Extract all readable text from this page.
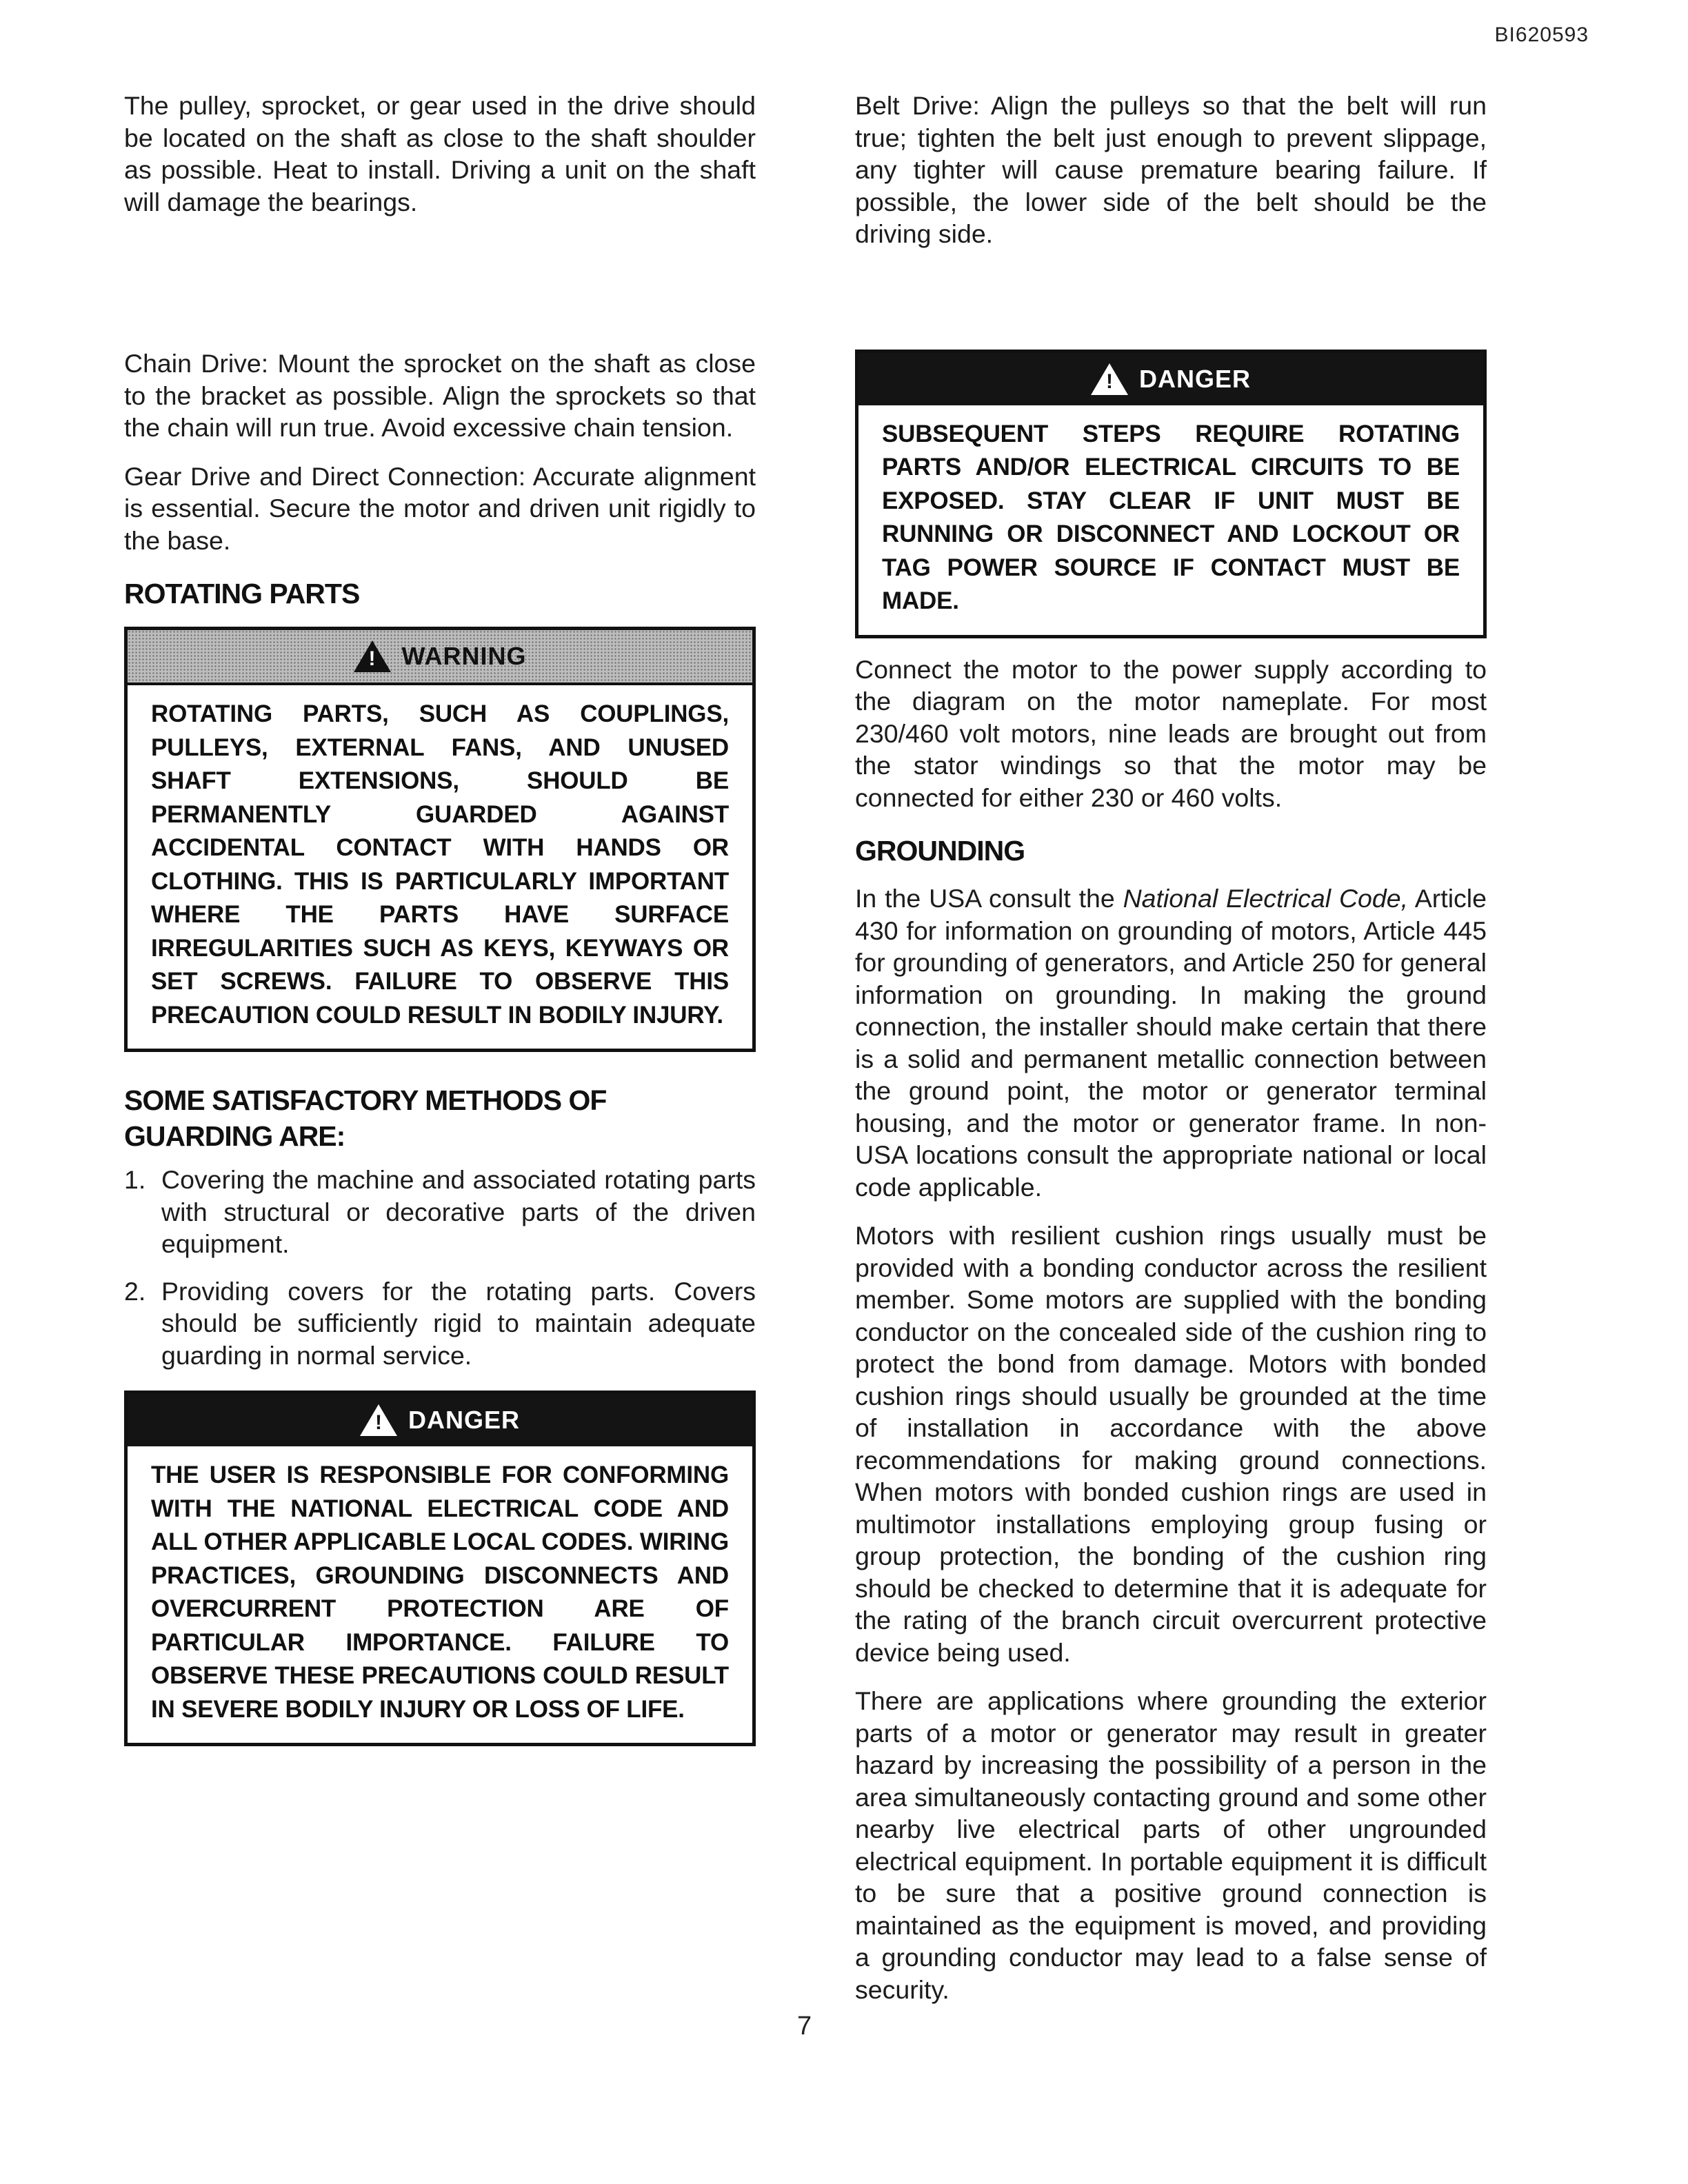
BI620593

The pulley, sprocket, or gear used in the drive should be located on the shaft as close to the shaft shoulder as possible. Heat to install. Driving a unit on the shaft will damage the bearings.

Chain Drive: Mount the sprocket on the shaft as close to the bracket as possible. Align the sprockets so that the chain will run true. Avoid excessive chain tension.

Gear Drive and Direct Connection: Accurate alignment is essential. Secure the motor and driven unit rigidly to the base.

ROTATING PARTS
! WARNING
ROTATING PARTS, SUCH AS COUPLINGS, PULLEYS, EXTERNAL FANS, AND UNUSED SHAFT EXTENSIONS, SHOULD BE PERMANENTLY GUARDED AGAINST ACCIDENTAL CONTACT WITH HANDS OR CLOTHING. THIS IS PARTICULARLY IMPORTANT WHERE THE PARTS HAVE SURFACE IRREGULARITIES SUCH AS KEYS, KEYWAYS OR SET SCREWS. FAILURE TO OBSERVE THIS PRECAUTION COULD RESULT IN BODILY INJURY.
SOME SATISFACTORY METHODS OF GUARDING ARE:
1. Covering the machine and associated rotating parts with structural or decorative parts of the driven equipment.
2. Providing covers for the rotating parts. Covers should be sufficiently rigid to maintain adequate guarding in normal service.
! DANGER
THE USER IS RESPONSIBLE FOR CONFORMING WITH THE NATIONAL ELECTRICAL CODE AND ALL OTHER APPLICABLE LOCAL CODES. WIRING PRACTICES, GROUNDING DISCONNECTS AND OVERCURRENT PROTECTION ARE OF PARTICULAR IMPORTANCE. FAILURE TO OBSERVE THESE PRECAUTIONS COULD RESULT IN SEVERE BODILY INJURY OR LOSS OF LIFE.

Belt Drive: Align the pulleys so that the belt will run true; tighten the belt just enough to prevent slippage, any tighter will cause premature bearing failure. If possible, the lower side of the belt should be the driving side.

! DANGER
SUBSEQUENT STEPS REQUIRE ROTATING PARTS AND/OR ELECTRICAL CIRCUITS TO BE EXPOSED. STAY CLEAR IF UNIT MUST BE RUNNING OR DISCONNECT AND LOCKOUT OR TAG POWER SOURCE IF CONTACT MUST BE MADE.

Connect the motor to the power supply according to the diagram on the motor nameplate. For most 230/460 volt motors, nine leads are brought out from the stator windings so that the motor may be connected for either 230 or 460 volts.

GROUNDING

In the USA consult the National Electrical Code, Article 430 for information on grounding of motors, Article 445 for grounding of generators, and Article 250 for general information on grounding. In making the ground connection, the installer should make certain that there is a solid and permanent metallic connection between the ground point, the motor or generator terminal housing, and the motor or generator frame. In non-USA locations consult the appropriate national or local code applicable.

Motors with resilient cushion rings usually must be provided with a bonding conductor across the resilient member. Some motors are supplied with the bonding conductor on the concealed side of the cushion ring to protect the bond from damage. Motors with bonded cushion rings should usually be grounded at the time of installation in accordance with the above recommendations for making ground connections. When motors with bonded cushion rings are used in multimotor installations employing group fusing or group protection, the bonding of the cushion ring should be checked to determine that it is adequate for the rating of the branch circuit overcurrent protective device being used.

There are applications where grounding the exterior parts of a motor or generator may result in greater hazard by increasing the possibility of a person in the area simultaneously contacting ground and some other nearby live electrical parts of other ungrounded electrical equipment. In portable equipment it is difficult to be sure that a positive ground connection is maintained as the equipment is moved, and providing a grounding conductor may lead to a false sense of security.

7
